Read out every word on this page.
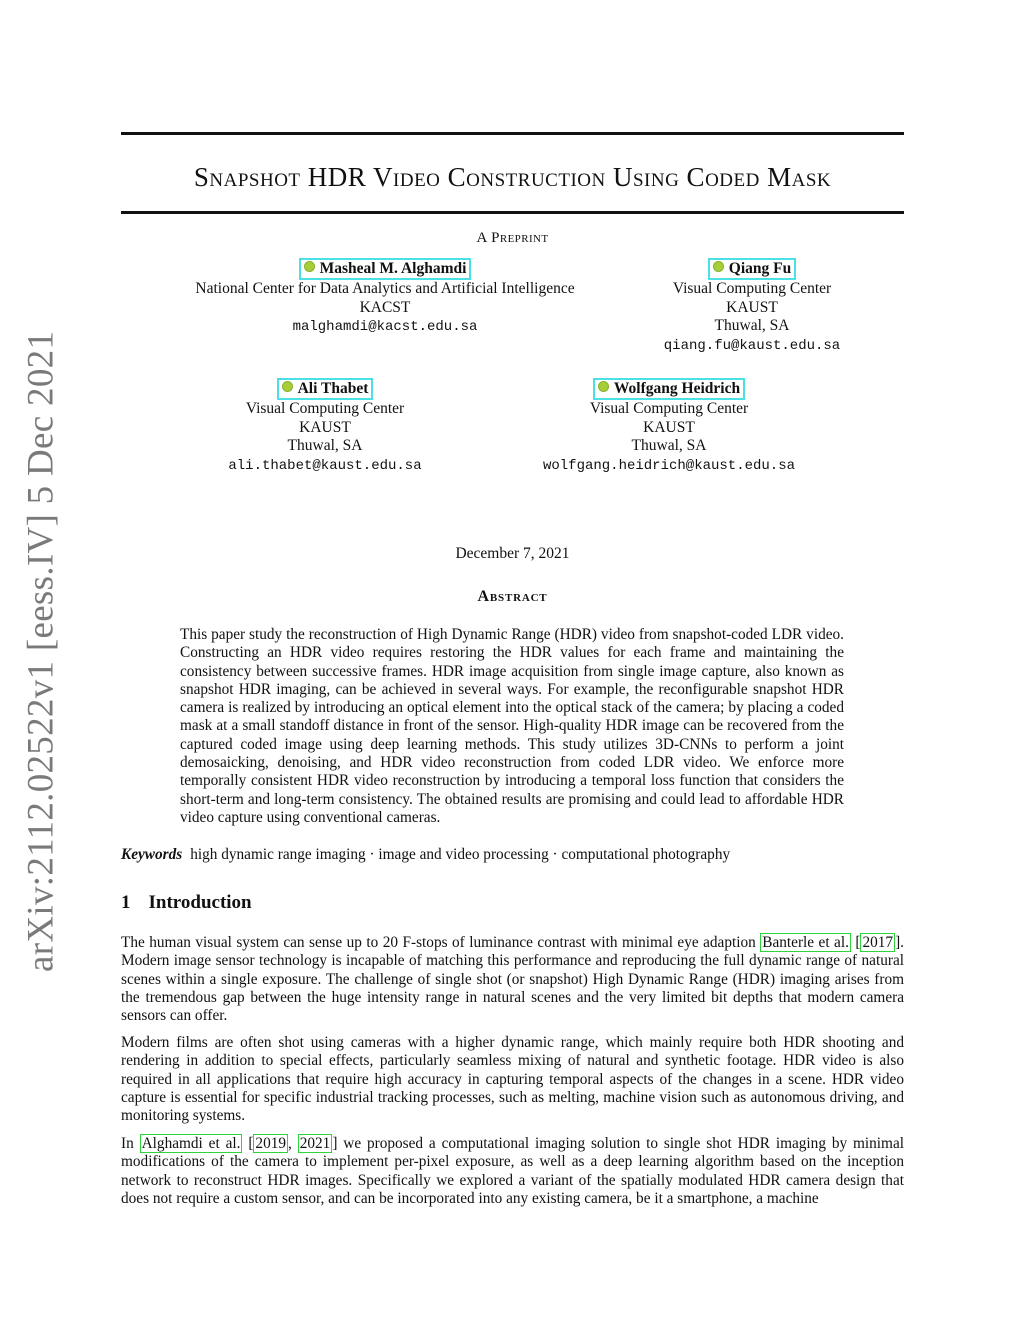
arXiv:2112.02522v1 [eess.IV] 5 Dec 2021
Snapshot HDR Video Construction Using Coded Mask
A Preprint
Masheal M. Alghamdi
National Center for Data Analytics and Artificial Intelligence
KACST
malghamdi@kacst.edu.sa
Qiang Fu
Visual Computing Center
KAUST
Thuwal, SA
qiang.fu@kaust.edu.sa
Ali Thabet
Visual Computing Center
KAUST
Thuwal, SA
ali.thabet@kaust.edu.sa
Wolfgang Heidrich
Visual Computing Center
KAUST
Thuwal, SA
wolfgang.heidrich@kaust.edu.sa
December 7, 2021
Abstract

This paper study the reconstruction of High Dynamic Range (HDR) video from snapshot-coded LDR video. Constructing an HDR video requires restoring the HDR values for each frame and maintaining the consistency between successive frames. HDR image acquisition from single image capture, also known as snapshot HDR imaging, can be achieved in several ways. For example, the reconfigurable snapshot HDR camera is realized by introducing an optical element into the optical stack of the camera; by placing a coded mask at a small standoff distance in front of the sensor. High-quality HDR image can be recovered from the captured coded image using deep learning methods. This study utilizes 3D-CNNs to perform a joint demosaicking, denoising, and HDR video reconstruction from coded LDR video. We enforce more temporally consistent HDR video reconstruction by introducing a temporal loss function that considers the short-term and long-term consistency. The obtained results are promising and could lead to affordable HDR video capture using conventional cameras.

Keywords high dynamic range imaging · image and video processing · computational photography
1 Introduction

The human visual system can sense up to 20 F-stops of luminance contrast with minimal eye adaption Banterle et al. [ 2017 ]. Modern image sensor technology is incapable of matching this performance and reproducing the full dynamic range of natural scenes within a single exposure. The challenge of single shot (or snapshot) High Dynamic Range (HDR) imaging arises from the tremendous gap between the huge intensity range in natural scenes and the very limited bit depths that modern camera sensors can offer.

Modern films are often shot using cameras with a higher dynamic range, which mainly require both HDR shooting and rendering in addition to special effects, particularly seamless mixing of natural and synthetic footage. HDR video is also required in all applications that require high accuracy in capturing temporal aspects of the changes in a scene. HDR video capture is essential for specific industrial tracking processes, such as melting, machine vision such as autonomous driving, and monitoring systems.

In Alghamdi et al. [ 2019 , 2021 ] we proposed a computational imaging solution to single shot HDR imaging by minimal modifications of the camera to implement per-pixel exposure, as well as a deep learning algorithm based on the inception network to reconstruct HDR images. Specifically we explored a variant of the spatially modulated HDR camera design that does not require a custom sensor, and can be incorporated into any existing camera, be it a smartphone, a machine
